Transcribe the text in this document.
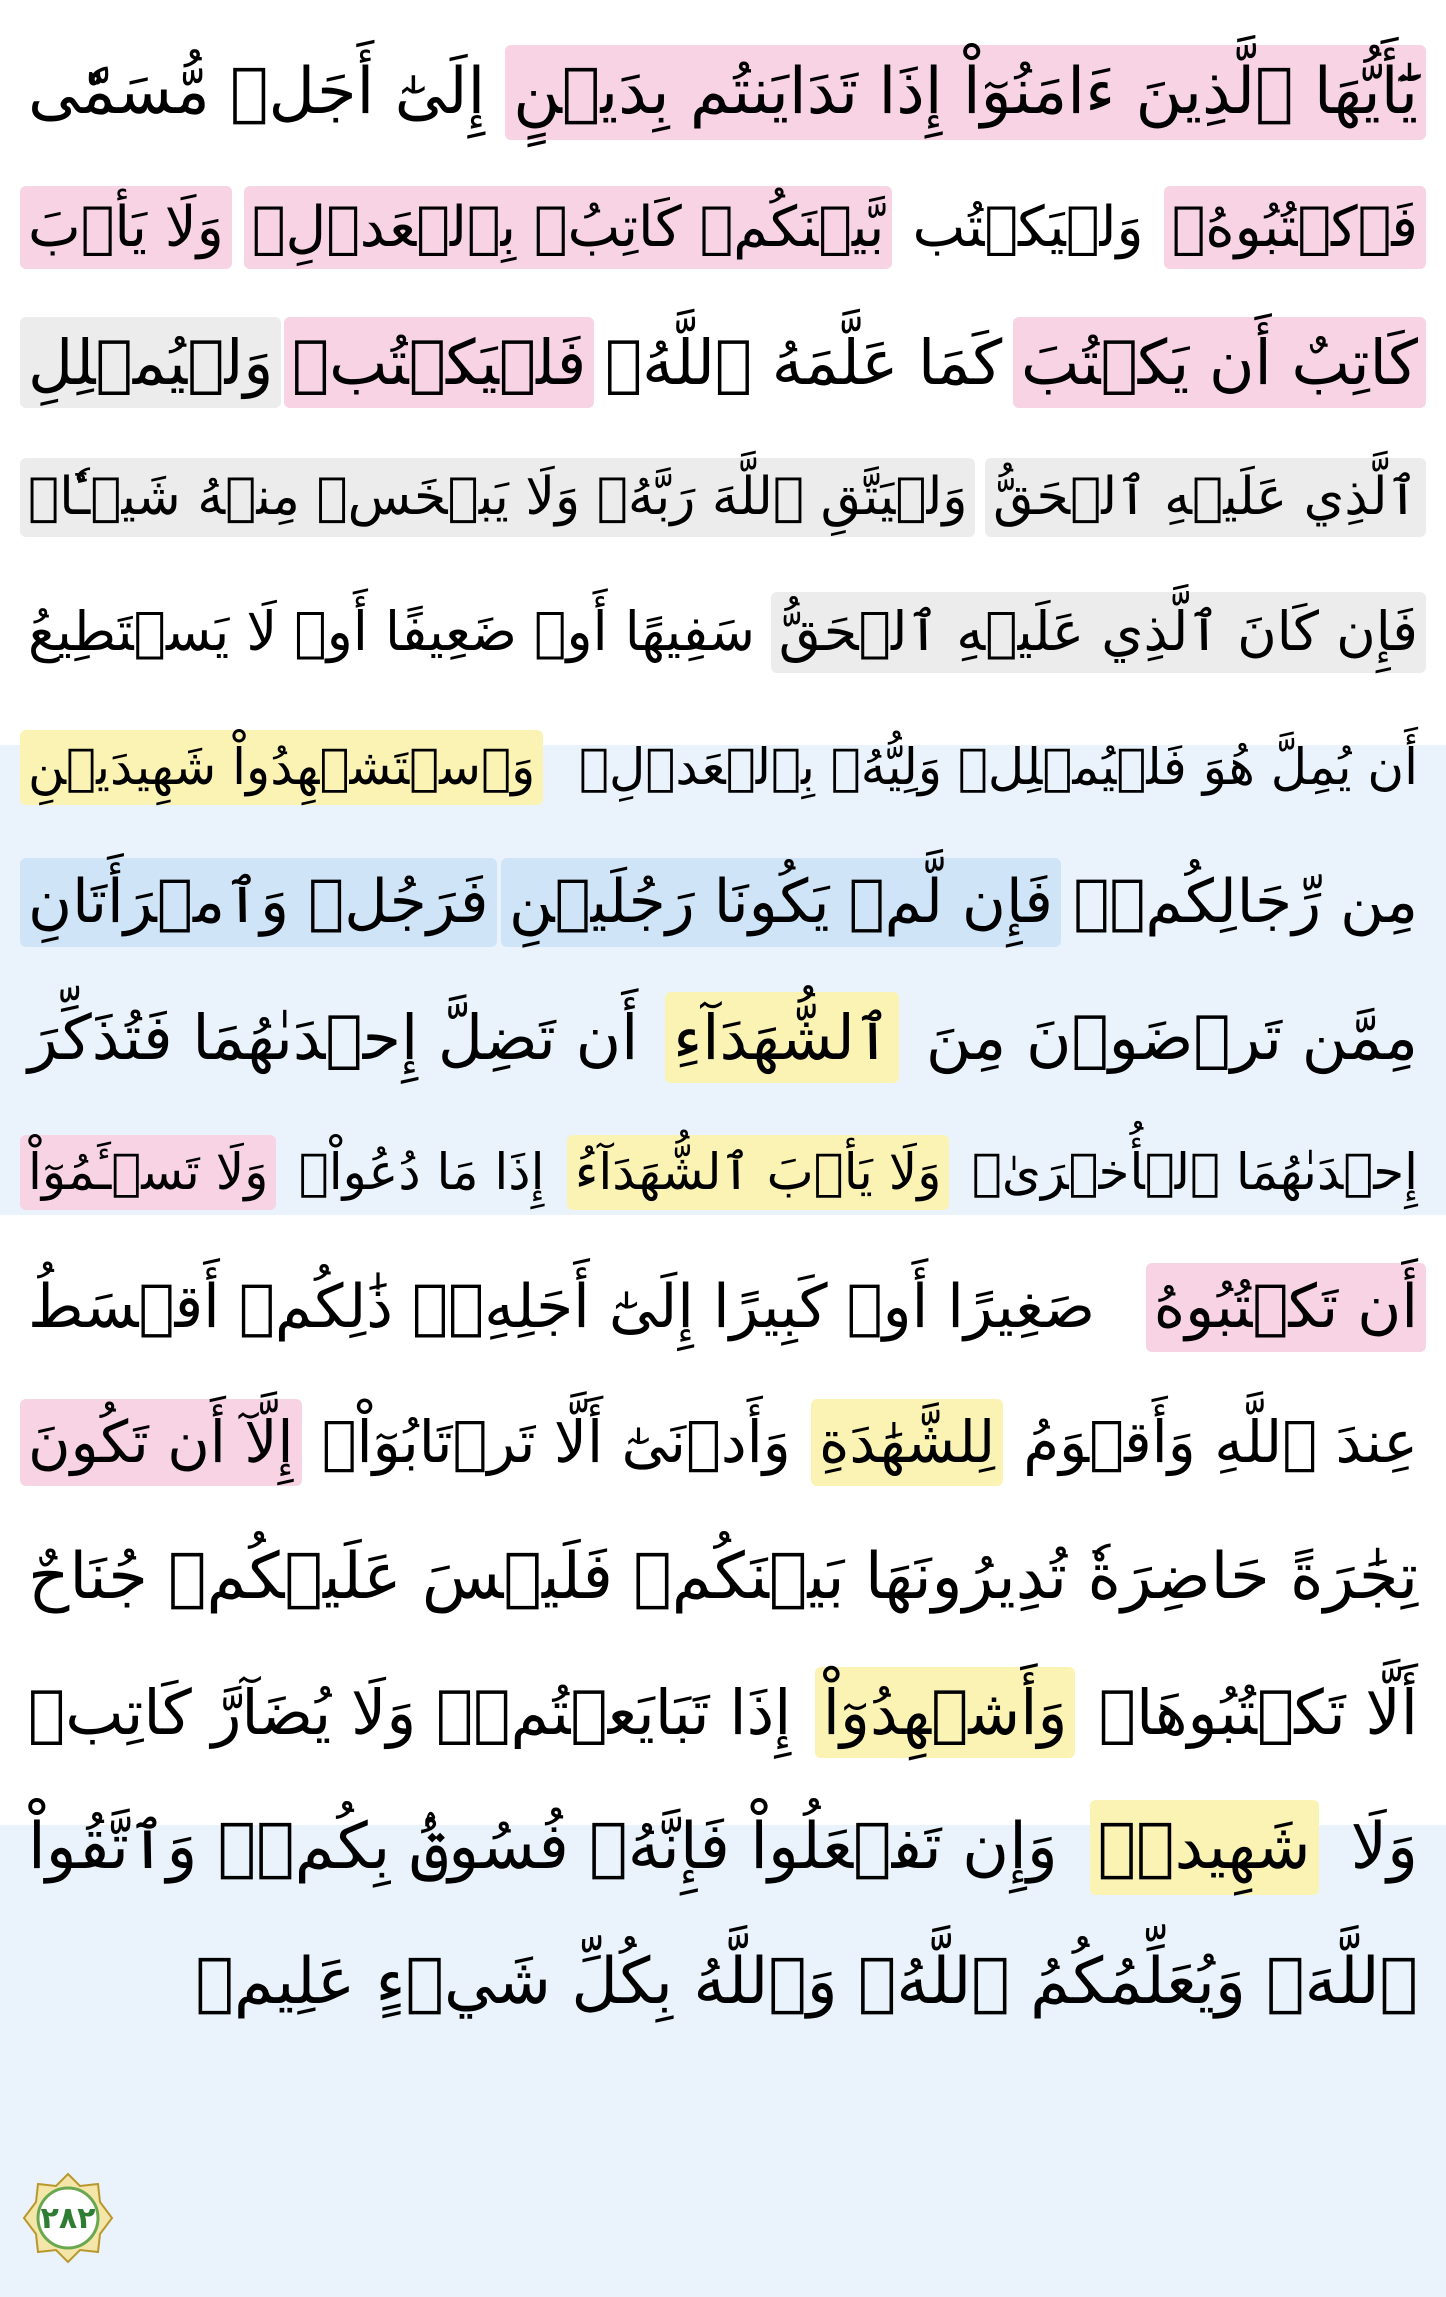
يَٰٓأَيُّهَا ٱلَّذِينَ ءَامَنُوٓاْ إِذَا تَدَايَنتُم بِدَيۡنٍ
إِلَىٰٓ أَجَلٖ مُّسَمّٗى
فَٱكۡتُبُوهُۚ
وَلۡيَكۡتُب
بَّيۡنَكُمۡ كَاتِبُۢ بِٱلۡعَدۡلِۚ
وَلَا يَأۡبَ
كَاتِبٌ أَن يَكۡتُبَ
كَمَا عَلَّمَهُ ٱللَّهُۚ
فَلۡيَكۡتُبۡ
وَلۡيُمۡلِلِ
ٱلَّذِي عَلَيۡهِ ٱلۡحَقُّ
وَلۡيَتَّقِ ٱللَّهَ رَبَّهُۥ وَلَا يَبۡخَسۡ مِنۡهُ شَيۡـٔٗاۚ
فَإِن كَانَ ٱلَّذِي عَلَيۡهِ ٱلۡحَقُّ
سَفِيهًا أَوۡ ضَعِيفًا أَوۡ لَا يَسۡتَطِيعُ
أَن يُمِلَّ هُوَ فَلۡيُمۡلِلۡ وَلِيُّهُۥ بِٱلۡعَدۡلِۚ
وَٱسۡتَشۡهِدُواْ شَهِيدَيۡنِ
مِن رِّجَالِكُمۡۖ
فَإِن لَّمۡ يَكُونَا رَجُلَيۡنِ
فَرَجُلٞ وَٱمۡرَأَتَانِ
مِمَّن تَرۡضَوۡنَ مِنَ
ٱلشُّهَدَآءِ
أَن تَضِلَّ إِحۡدَىٰهُمَا فَتُذَكِّرَ
إِحۡدَىٰهُمَا ٱلۡأُخۡرَىٰۚ
وَلَا يَأۡبَ ٱلشُّهَدَآءُ
إِذَا مَا دُعُواْۚ
وَلَا تَسۡـَٔمُوٓاْ
أَن تَكۡتُبُوهُ
صَغِيرًا أَوۡ كَبِيرًا إِلَىٰٓ أَجَلِهِۦۚ ذَٰلِكُمۡ أَقۡسَطُ
عِندَ ٱللَّهِ وَأَقۡوَمُ
لِلشَّهَٰدَةِ
وَأَدۡنَىٰٓ أَلَّا تَرۡتَابُوٓاْۖ
إِلَّآ أَن تَكُونَ
تِجَٰرَةً حَاضِرَةٗ تُدِيرُونَهَا بَيۡنَكُمۡ فَلَيۡسَ عَلَيۡكُمۡ جُنَاحٌ
أَلَّا تَكۡتُبُوهَاۗ
وَأَشۡهِدُوٓاْ
إِذَا تَبَايَعۡتُمۡۚ وَلَا يُضَآرَّ كَاتِبٞ
وَلَا
شَهِيدٞۚ
وَإِن تَفۡعَلُواْ فَإِنَّهُۥ فُسُوقُۢ بِكُمۡۗ وَٱتَّقُواْ
ٱللَّهَۖ وَيُعَلِّمُكُمُ ٱللَّهُۗ وَٱللَّهُ بِكُلِّ شَيۡءٍ عَلِيمٞ
٢٨٢
